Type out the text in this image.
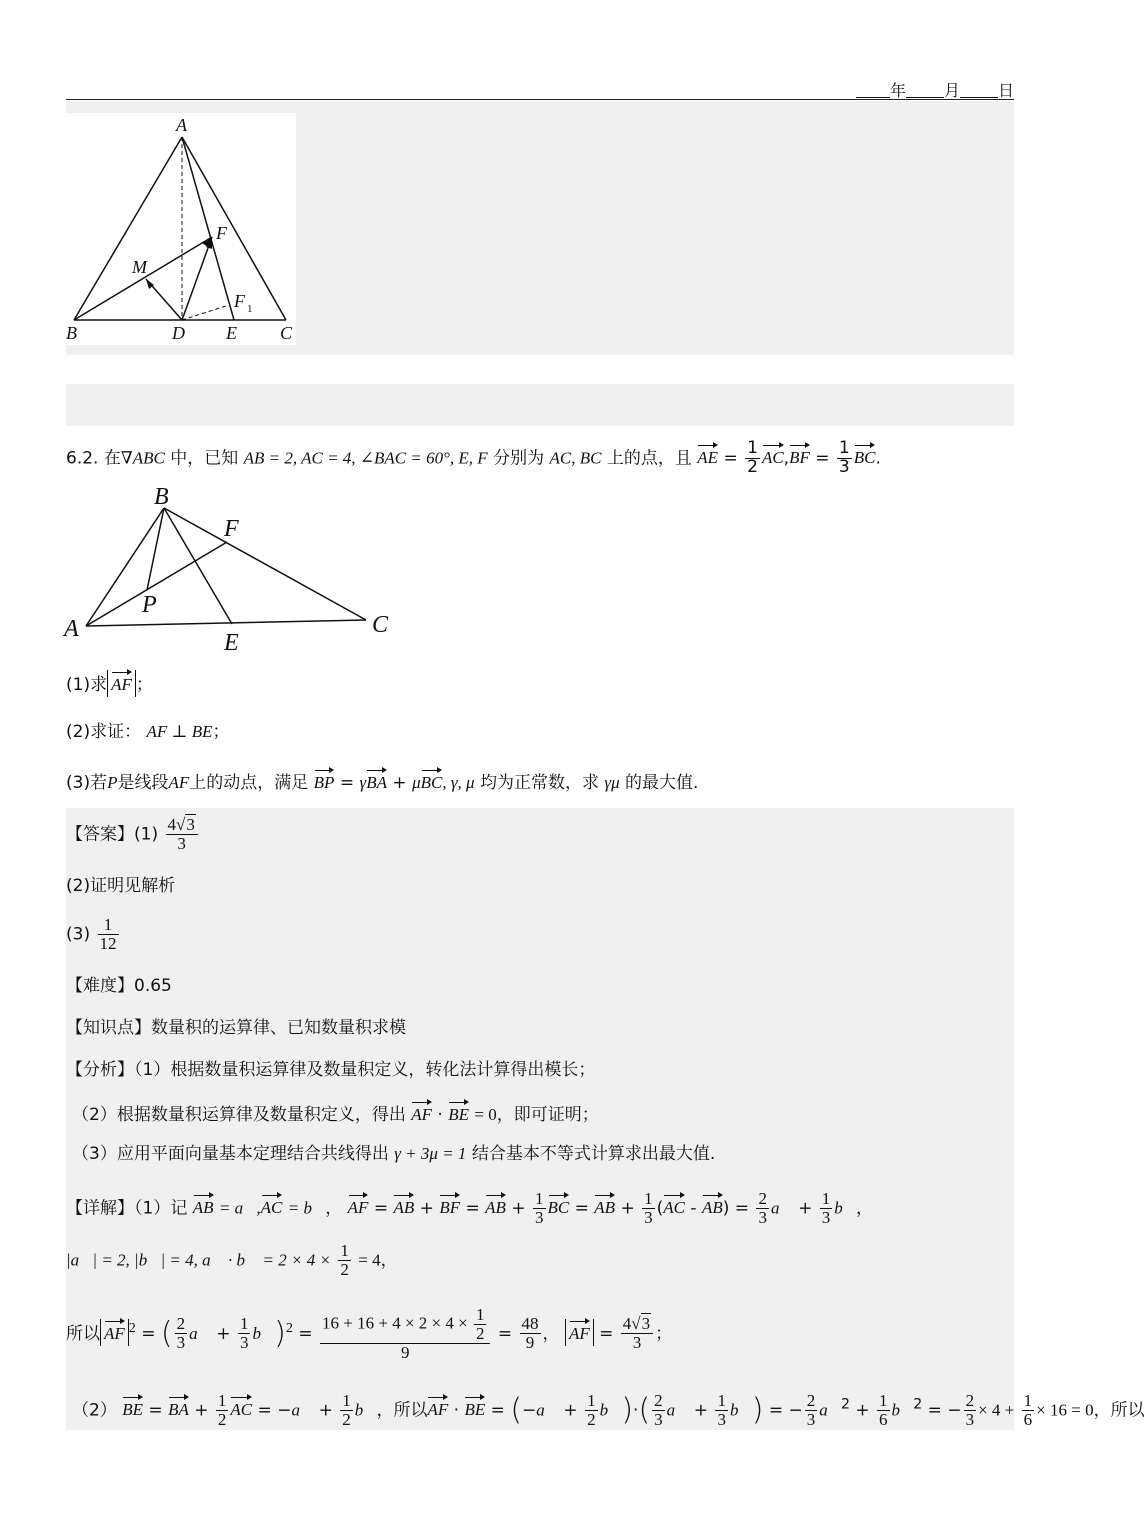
年 月 日
A
M
F
F 1
B	D E C
6.2. 在∇ABC 中，已知 AB = 2, AC = 4, ∠BAC = 60°, E, F 分别为 AC, BC 上的点，且 AE = $\frac{1}{2} AC,BF = \frac{1}{3}$ BC.
B
F
P
A
E
C
(1)求 AF ；
(2)求证： AF ⊥ BE；
(3)若P是线段AF上的动点，满足 BP = γBA + μBC, γ, μ 均为正常数，求 γμ 的最大值.
【答案】$(1) \frac{4√3}{3}$
(2)证明见解析
$(3) \frac{1}{12}$
【难度】0.65
【知识点】数量积的运算律、已知数量积求模
【分析】（1）根据数量积运算律及数量积定义，转化法计算得出模长；
（2）根据数量积运算律及数量积定义，得出 AF · BE = 0，即可证明；
（3）应用平面向量基本定理结合共线得出 γ + 3μ = 1 结合基本不等式计算求出最大值.
【详解】（1）记 AB = a⃗,AC = b⃗， AF = AB + BF = AB + $\frac{1}{3}$ BC = AB + $\frac{1}{3} (AC - AB) = \frac{2}{3}$ a⃗ + $\frac{1}{3}$ b⃗，
|a⃗| = 2, |b⃗| = 4, a⃗ · b⃗ = $2 \times 4 \times \frac{1}{2} = 4$，
所以 AF $^2$ = ( $\frac{2}{3}$ a⃗ + $\frac{1}{3}$ b⃗)$^2$ = $\frac{16 + 16 + 4 \times 2 \times 4 \times \frac{1}{2}}{9} = \frac{48}{9}$ ， AF = $\frac{4√3}{3}$ ；
（2） BE = BA + $\frac{1}{2}$ AC = −a⃗ + $\frac{1}{2}$ b⃗，所以AF · BE = (−a⃗ + $\frac{1}{2}$ b⃗)·( $\frac{2}{3}$ a⃗ + $\frac{1}{3}$ b⃗) = − $\frac{2}{3}$ a⃗$^2$ + $\frac{1}{6}$ b⃗$^2$ = − $\frac{2}{3} \times 4 + \frac{1}{6} \times 16 = 0$，所以
